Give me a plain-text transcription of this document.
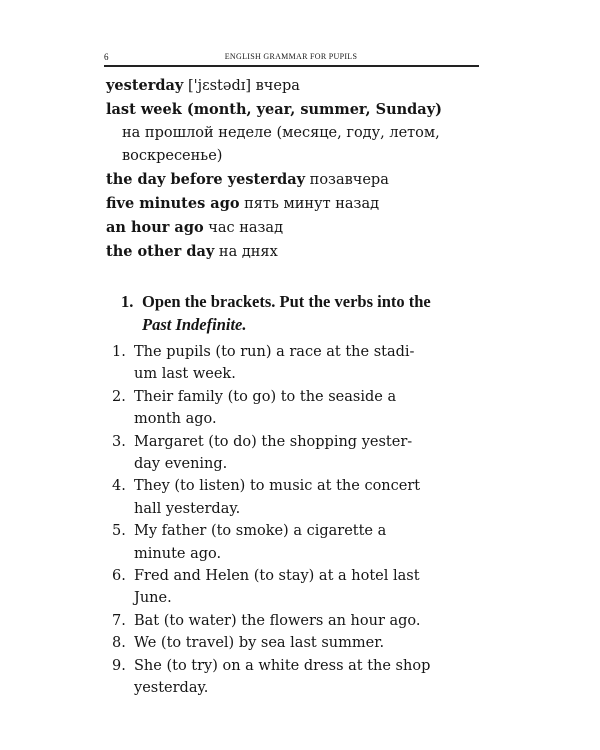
6	ENGLISH GRAMMAR FOR PUPILS
yesterday ['jɛstədɪ] вчера
last week (month, year, summer, Sunday)
на прошлой неделе (месяце, году, летом,
воскресенье)
the day before yesterday позавчера
five minutes ago пять минут назад
an hour ago час назад
the other day на днях
1. Open the brackets. Put the verbs into the
Past Indefinite.
1. The pupils (to run) a race at the stadi-
um last week.
2. Their family (to go) to the seaside a
month ago.
3. Margaret (to do) the shopping yester-
day evening.
4. They (to listen) to music at the concert
hall yesterday.
5. My father (to smoke) a cigarette a
minute ago.
6. Fred and Helen (to stay) at a hotel last
June.
7. Bat (to water) the flowers an hour ago.
8. We (to travel) by sea last summer.
9. She (to try) on a white dress at the shop
yesterday.
